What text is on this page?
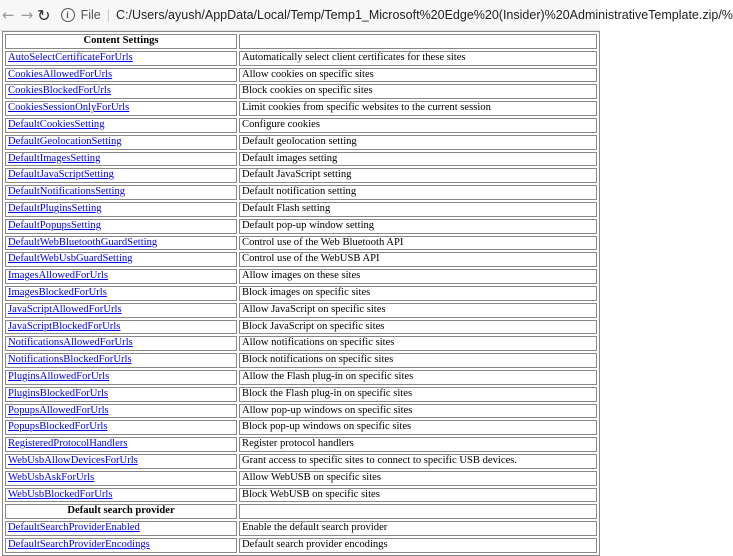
← → ↻	i File | C:/Users/ayush/AppData/Local/Temp/Temp1_Microsoft%20Edge%20(Insider)%20AdministrativeTemplate.zip/%
Content Settings	
AutoSelectCertificateForUrls	Automatically select client certificates for these sites
CookiesAllowedForUrls	Allow cookies on specific sites
CookiesBlockedForUrls	Block cookies on specific sites
CookiesSessionOnlyForUrls	Limit cookies from specific websites to the current session
DefaultCookiesSetting	Configure cookies
DefaultGeolocationSetting	Default geolocation setting
DefaultImagesSetting	Default images setting
DefaultJavaScriptSetting	Default JavaScript setting
DefaultNotificationsSetting	Default notification setting
DefaultPluginsSetting	Default Flash setting
DefaultPopupsSetting	Default pop-up window setting
DefaultWebBluetoothGuardSetting	Control use of the Web Bluetooth API
DefaultWebUsbGuardSetting	Control use of the WebUSB API
ImagesAllowedForUrls	Allow images on these sites
ImagesBlockedForUrls	Block images on specific sites
JavaScriptAllowedForUrls	Allow JavaScript on specific sites
JavaScriptBlockedForUrls	Block JavaScript on specific sites
NotificationsAllowedForUrls	Allow notifications on specific sites
NotificationsBlockedForUrls	Block notifications on specific sites
PluginsAllowedForUrls	Allow the Flash plug-in on specific sites
PluginsBlockedForUrls	Block the Flash plug-in on specific sites
PopupsAllowedForUrls	Allow pop-up windows on specific sites
PopupsBlockedForUrls	Block pop-up windows on specific sites
RegisteredProtocolHandlers	Register protocol handlers
WebUsbAllowDevicesForUrls	Grant access to specific sites to connect to specific USB devices.
WebUsbAskForUrls	Allow WebUSB on specific sites
WebUsbBlockedForUrls	Block WebUSB on specific sites
Default search provider	
DefaultSearchProviderEnabled	Enable the default search provider
DefaultSearchProviderEncodings	Default search provider encodings
